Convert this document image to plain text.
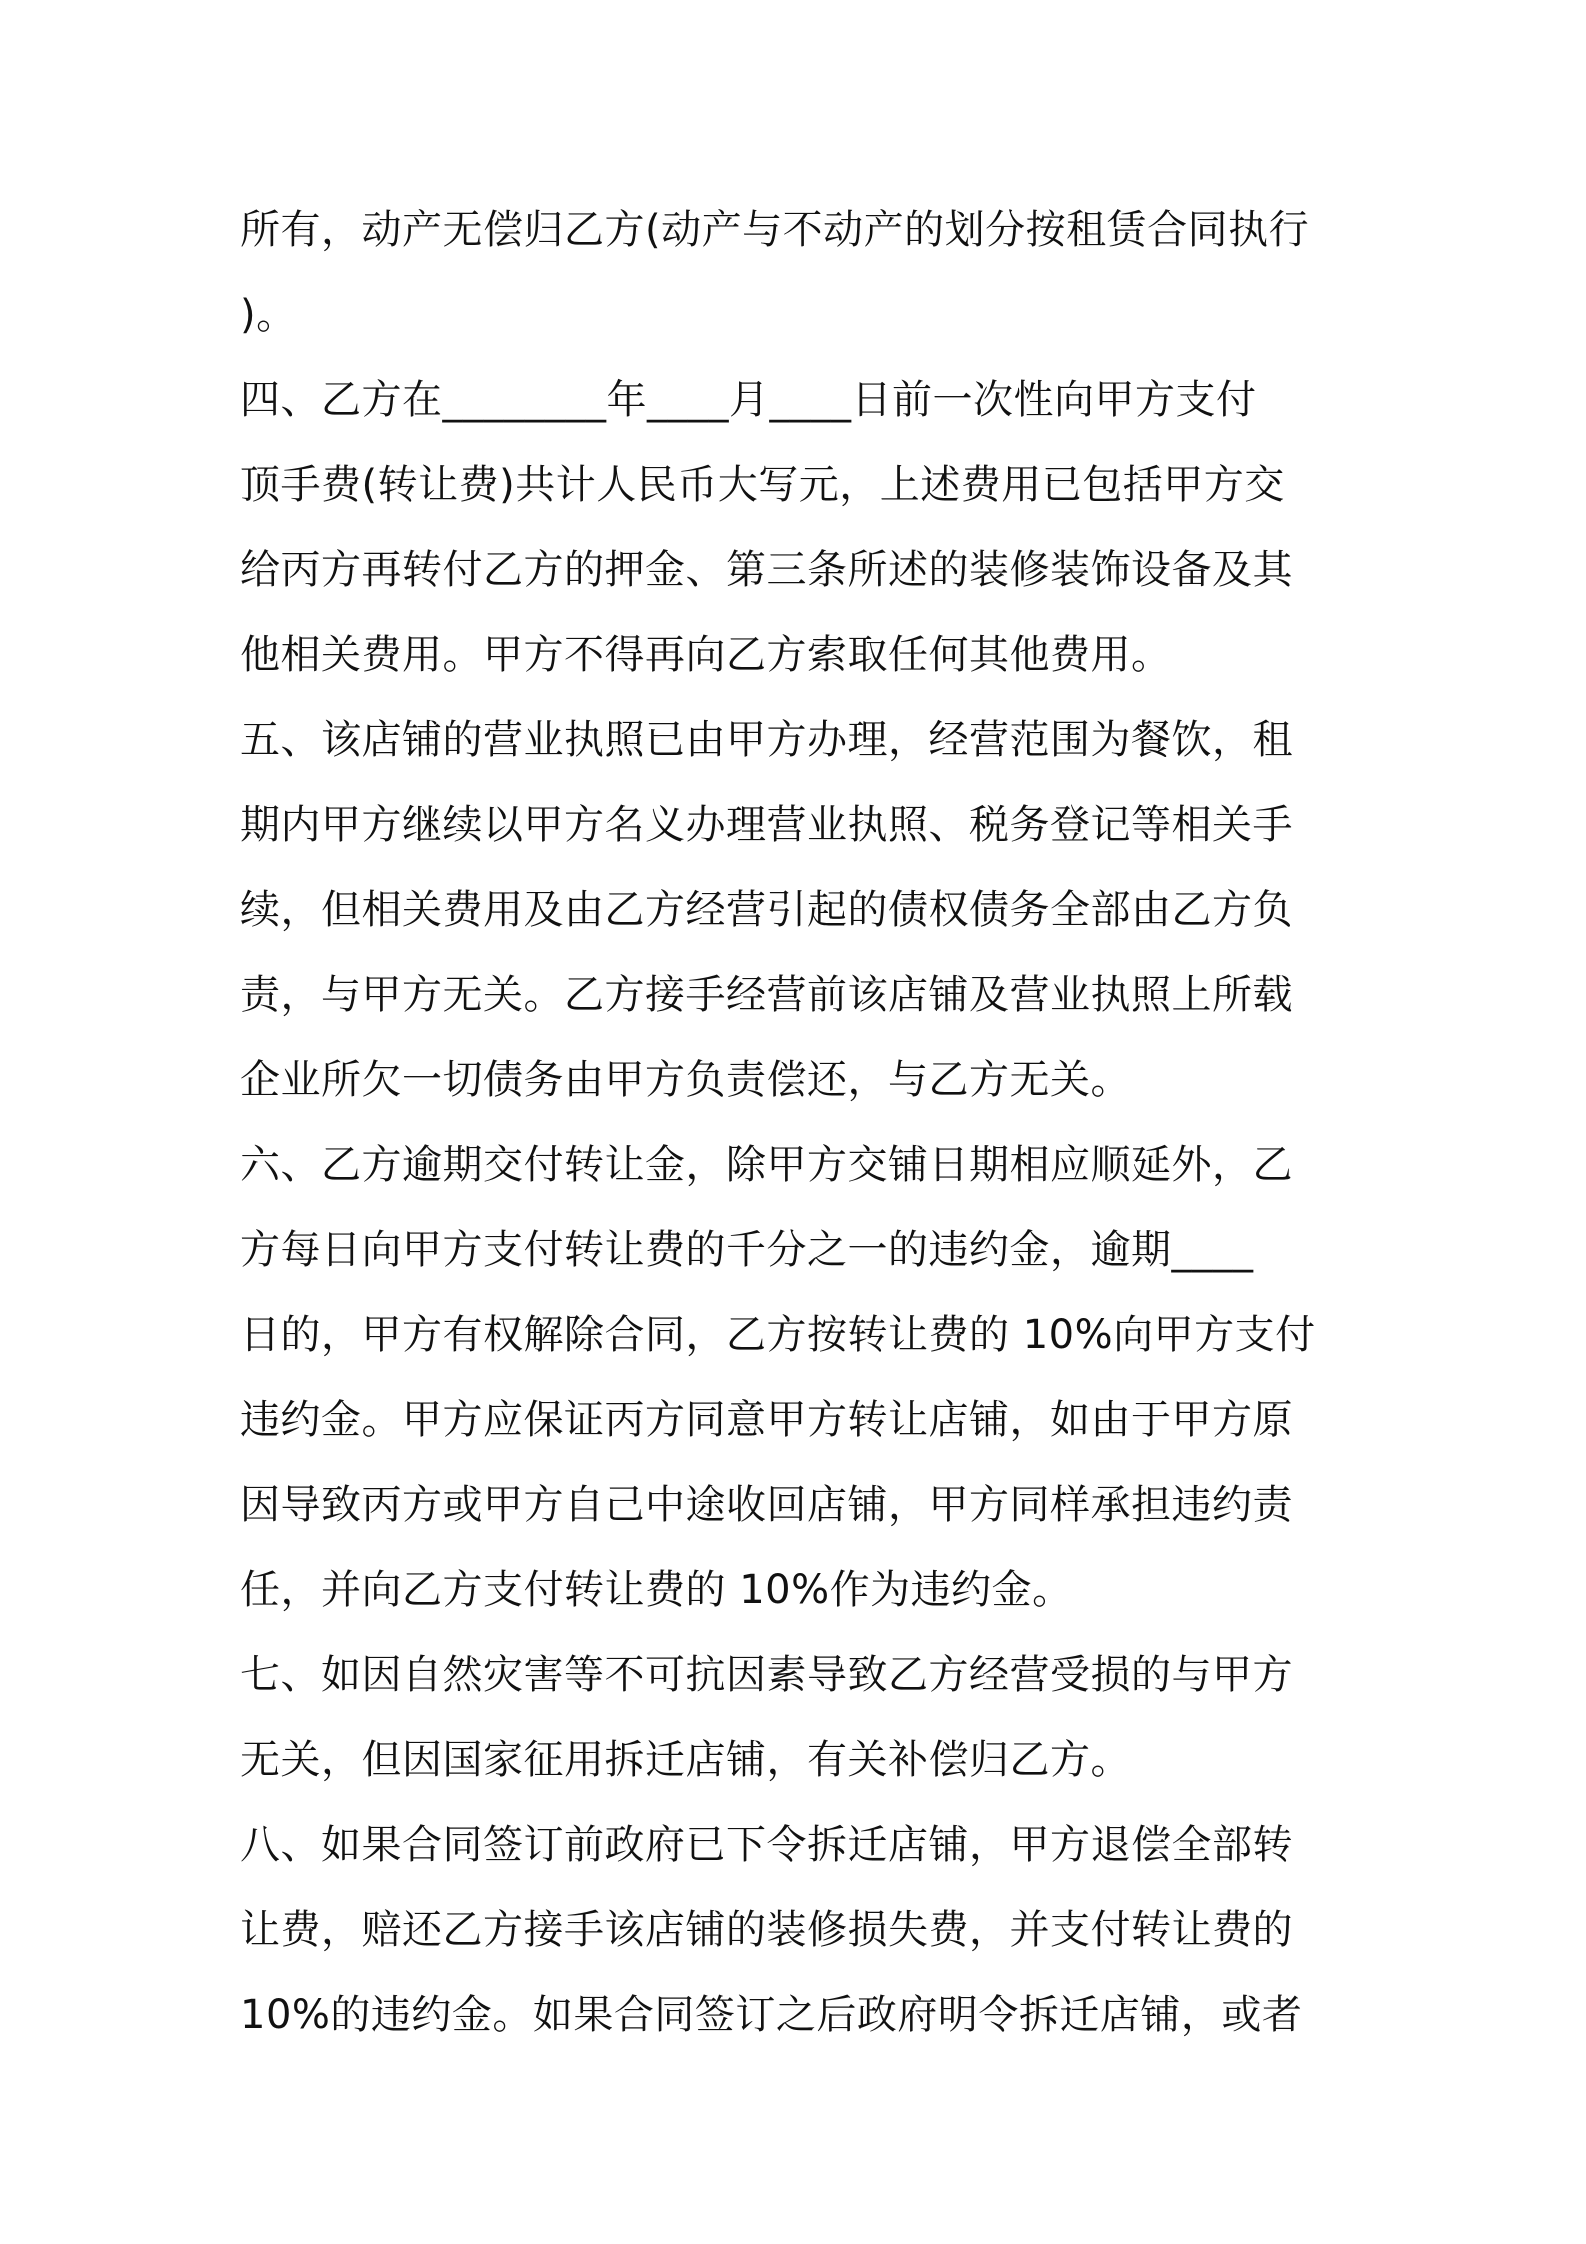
所有，动产无偿归乙方(动产与不动产的划分按租赁合同执行
)。
四、乙方在________年____月____日前一次性向甲方支付
顶手费(转让费)共计人民币大写元，上述费用已包括甲方交
给丙方再转付乙方的押金、第三条所述的装修装饰设备及其
他相关费用。甲方不得再向乙方索取任何其他费用。
五、该店铺的营业执照已由甲方办理，经营范围为餐饮，租
期内甲方继续以甲方名义办理营业执照、税务登记等相关手
续，但相关费用及由乙方经营引起的债权债务全部由乙方负
责，与甲方无关。乙方接手经营前该店铺及营业执照上所载
企业所欠一切债务由甲方负责偿还，与乙方无关。
六、乙方逾期交付转让金，除甲方交铺日期相应顺延外，乙
方每日向甲方支付转让费的千分之一的违约金，逾期____
日的，甲方有权解除合同，乙方按转让费的 10%向甲方支付
违约金。甲方应保证丙方同意甲方转让店铺，如由于甲方原
因导致丙方或甲方自己中途收回店铺，甲方同样承担违约责
任，并向乙方支付转让费的 10%作为违约金。
七、如因自然灾害等不可抗因素导致乙方经营受损的与甲方
无关，但因国家征用拆迁店铺，有关补偿归乙方。
八、如果合同签订前政府已下令拆迁店铺，甲方退偿全部转
让费，赔还乙方接手该店铺的装修损失费，并支付转让费的
10%的违约金。如果合同签订之后政府明令拆迁店铺，或者
